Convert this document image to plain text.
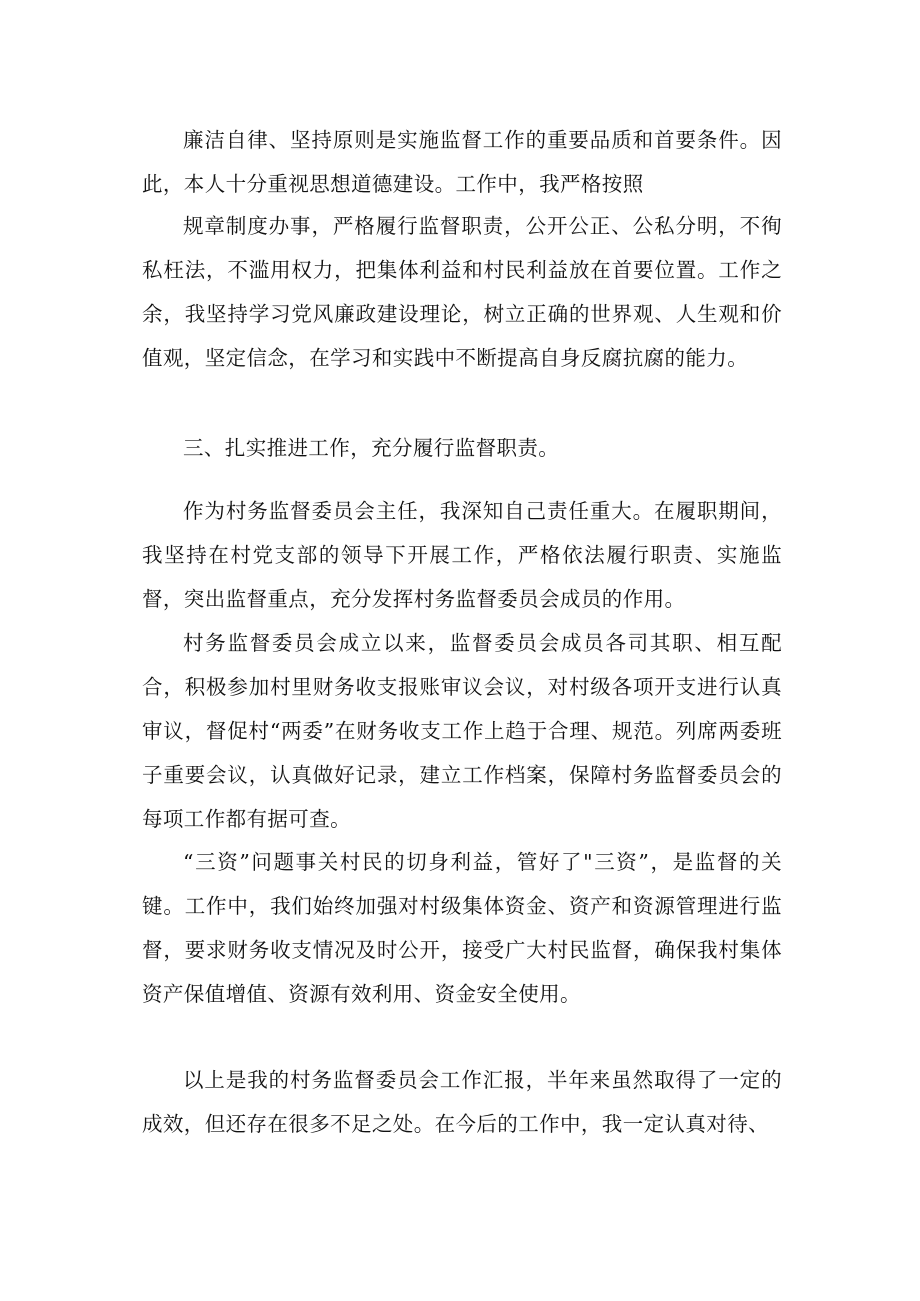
廉洁自律、坚持原则是实施监督工作的重要品质和首要条件。因此，本人十分重视思想道德建设。工作中，我严格按照

规章制度办事，严格履行监督职责，公开公正、公私分明，不徇私枉法，不滥用权力，把集体利益和村民利益放在首要位置。工作之余，我坚持学习党风廉政建设理论，树立正确的世界观、人生观和价值观，坚定信念，在学习和实践中不断提高自身反腐抗腐的能力。

三、扎实推进工作，充分履行监督职责。

作为村务监督委员会主任，我深知自己责任重大。在履职期间，我坚持在村党支部的领导下开展工作，严格依法履行职责、实施监督，突出监督重点，充分发挥村务监督委员会成员的作用。

村务监督委员会成立以来，监督委员会成员各司其职、相互配合，积极参加村里财务收支报账审议会议，对村级各项开支进行认真审议，督促村“两委”在财务收支工作上趋于合理、规范。列席两委班子重要会议，认真做好记录，建立工作档案，保障村务监督委员会的每项工作都有据可查。

“三资”问题事关村民的切身利益，管好了"三资”，是监督的关键。工作中，我们始终加强对村级集体资金、资产和资源管理进行监督，要求财务收支情况及时公开，接受广大村民监督，确保我村集体资产保值增值、资源有效利用、资金安全使用。

以上是我的村务监督委员会工作汇报，半年来虽然取得了一定的成效，但还存在很多不足之处。在今后的工作中，我一定认真对待、
